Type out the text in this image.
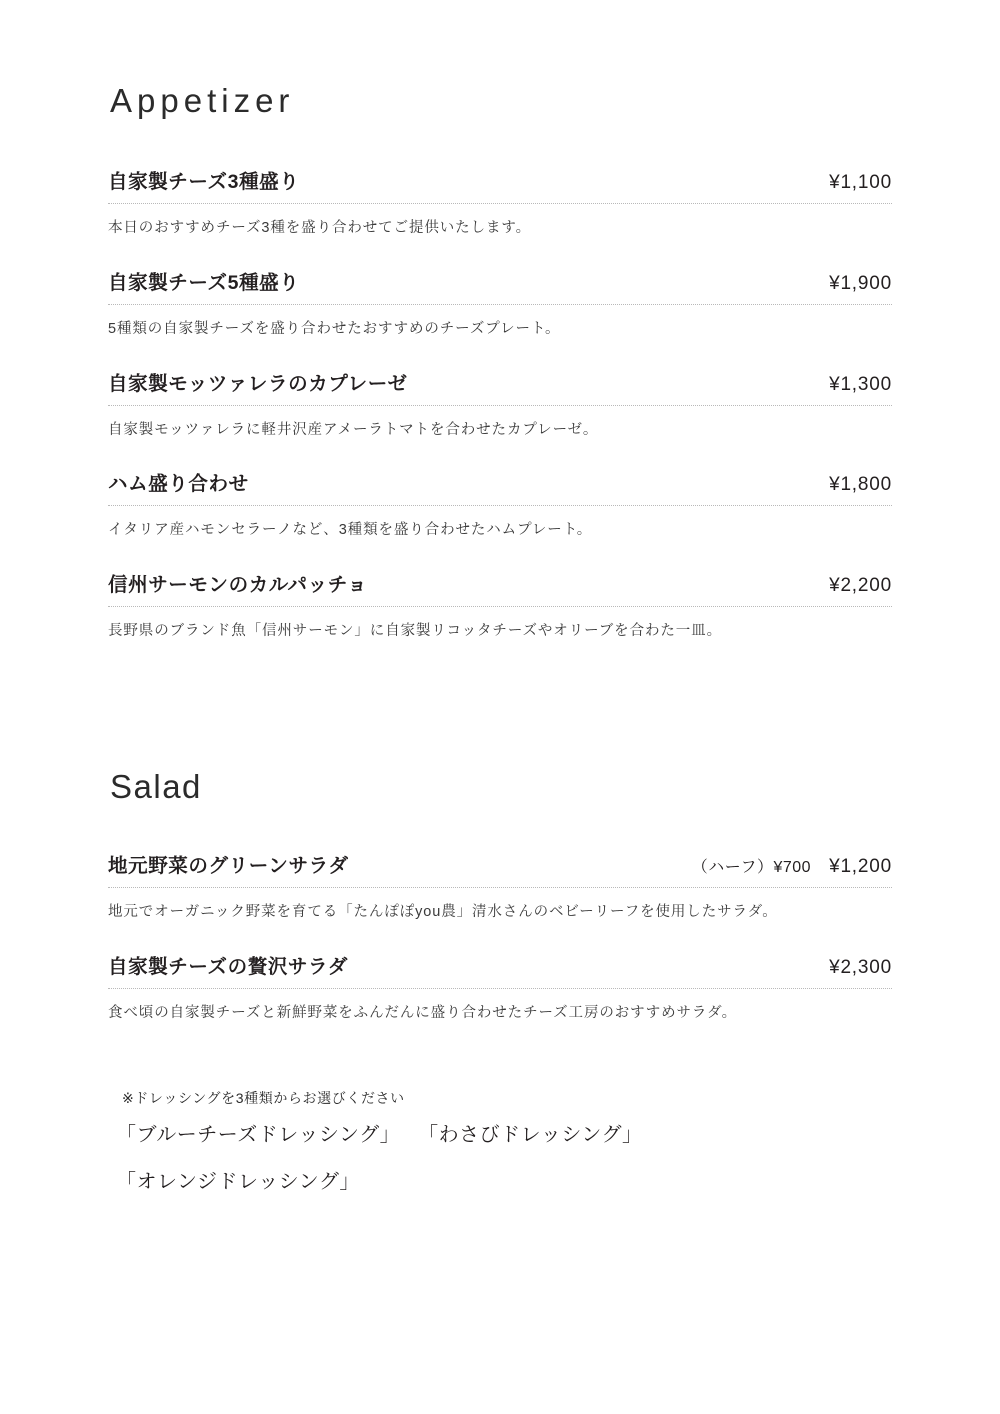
Appetizer
自家製チーズ3種盛り	¥1,100

本日のおすすめチーズ3種を盛り合わせてご提供いたします。

自家製チーズ5種盛り	¥1,900

5種類の自家製チーズを盛り合わせたおすすめのチーズプレート。

自家製モッツァレラのカプレーゼ	¥1,300

自家製モッツァレラに軽井沢産アメーラトマトを合わせたカプレーゼ。

ハム盛り合わせ	¥1,800

イタリア産ハモンセラーノなど、3種類を盛り合わせたハムプレート。

信州サーモンのカルパッチョ	¥2,200

長野県のブランド魚「信州サーモン」に自家製リコッタチーズやオリーブを合わた一皿。

Salad
地元野菜のグリーンサラダ	（ハーフ）¥700 ¥1,200

地元でオーガニック野菜を育てる「たんぽぽyou農」清水さんのベビーリーフを使用したサラダ。

自家製チーズの贅沢サラダ	¥2,300

食べ頃の自家製チーズと新鮮野菜をふんだんに盛り合わせたチーズ工房のおすすめサラダ。

※ドレッシングを3種類からお選びください

「ブルーチーズドレッシング」 「わさびドレッシング」
「オレンジドレッシング」
